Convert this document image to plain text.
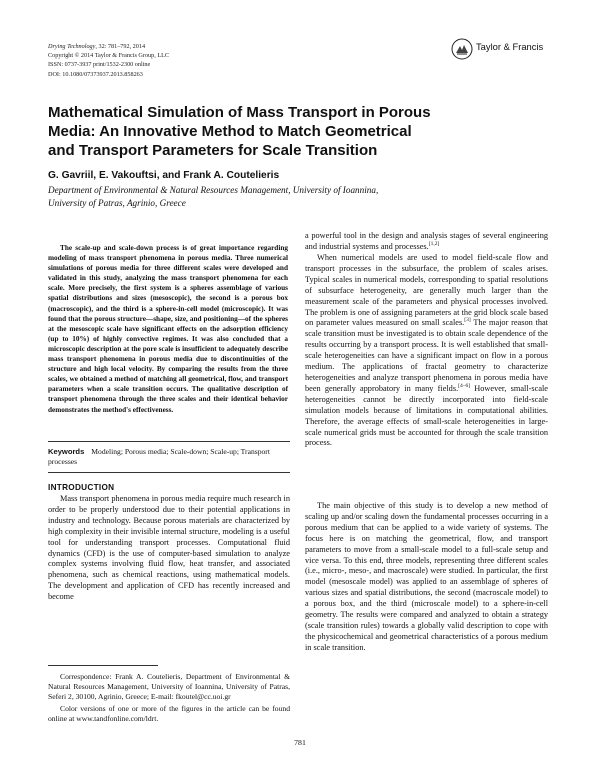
Drying Technology, 32: 781–792, 2014
Copyright © 2014 Taylor & Francis Group, LLC
ISSN: 0737-3937 print/1532-2300 online
DOI: 10.1080/07373937.2013.858263
Taylor & Francis
Mathematical Simulation of Mass Transport in Porous
Media: An Innovative Method to Match Geometrical
and Transport Parameters for Scale Transition
G. Gavriil, E. Vakouftsi, and Frank A. Coutelieris
Department of Environmental & Natural Resources Management, University of Ioannina,
University of Patras, Agrinio, Greece
The scale-up and scale-down process is of great importance regarding modeling of mass transport phenomena in porous media. Three numerical simulations of porous media for three different scales were developed and validated in this study, analyzing the mass transport phenomena for each scale. More precisely, the first system is a spheres assemblage of various spatial distributions and sizes (mesoscopic), the second is a porous box (macroscopic), and the third is a sphere-in-cell model (microscopic). It was found that the porous structure—shape, size, and positioning—of the spheres at the mesoscopic scale have significant effects on the adsorption efficiency (up to 10%) of highly convective regimes. It was also concluded that a microscopic description at the pore scale is insufficient to adequately describe mass transport phenomena in porous media due to discontinuities of the structure and high local velocity. By comparing the results from the three scales, we obtained a method of matching all geometrical, flow, and transport parameters when a scale transition occurs. The qualitative description of transport phenomena through the three scales and their identical behavior demonstrates the method's effectiveness.
Keywords Modeling; Porous media; Scale-down; Scale-up; Transport processes
INTRODUCTION
Mass transport phenomena in porous media require much research in order to be properly understood due to their potential applications in industry and technology. Because porous materials are characterized by high complexity in their invisible internal structure, modeling is a useful tool for understanding transport processes. Computational fluid dynamics (CFD) is the use of computer-based simulation to analyze complex systems involving fluid flow, heat transfer, and associated phenomena, such as chemical reactions, using mathematical models. The development and application of CFD has recently increased and become
a powerful tool in the design and analysis stages of several engineering and industrial systems and processes.[1,2]
When numerical models are used to model field-scale flow and transport processes in the subsurface, the problem of scales arises. Typical scales in numerical models, corresponding to spatial resolutions of subsurface heterogeneity, are generally much larger than the measurement scale of the parameters and physical processes involved. The problem is one of assigning parameters at the grid block scale based on parameter values measured on small scales.[3] The major reason that scale transition must be investigated is to obtain scale dependence of the results occurring by a transport process. It is well established that small-scale heterogeneities can have a significant impact on flow in a porous medium. The applications of fractal geometry to characterize heterogeneities and analyze transport phenomena in porous media have been generally approbatory in many fields.[4–6] However, small-scale heterogeneities cannot be directly incorporated into field-scale simulation models because of limitations in computational abilities. Therefore, the average effects of small-scale heterogeneities in large-scale numerical grids must be accounted for through the scale transition process.
The main objective of this study is to develop a new method of scaling up and/or scaling down the fundamental processes occurring in a porous medium that can be applied to a wide variety of systems. The focus here is on matching the geometrical, flow, and transport parameters to move from a small-scale model to a full-scale setup and vice versa. To this end, three models, representing three different scales (i.e., micro-, meso-, and macroscale) were studied. In particular, the first model (mesoscale model) was applied to an assemblage of spheres of various sizes and spatial distributions, the second (macroscale model) to a porous box, and the third (microscale model) to a sphere-in-cell geometry. The results were compared and analyzed to obtain a strategy (scale transition rules) towards a globally valid description to cope with the physicochemical and geometrical characteristics of a porous medium in scale transition.

Correspondence: Frank A. Coutelieris, Department of Environmental & Natural Resources Management, University of Ioannina, University of Patras, Seferi 2, 30100, Agrinio, Greece; E-mail: fkoutel@cc.uoi.gr

Color versions of one or more of the figures in the article can be found online at www.tandfonline.com/ldrt.

781
